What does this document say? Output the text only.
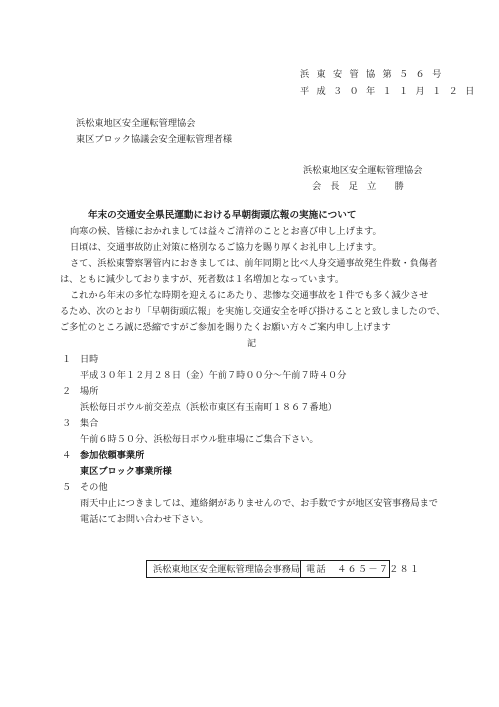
浜 東 安 管 協 第 ５ ６ 号
平 成 ３ ０ 年 １ １ 月 １ ２ 日
浜松東地区安全運転管理協会
東区ブロック協議会安全運転管理者様
浜松東地区安全運転管理協会
会　長　足　立　　勝
年末の交通安全県民運動における早朝街頭広報の実施について
向寒の候、皆様におかれましては益々ご清祥のこととお喜び申し上げます。
日頃は、交通事故防止対策に格別なるご協力を賜り厚くお礼申し上げます。
さて、浜松東警察署管内におきましては、前年同期と比べ人身交通事故発生件数・負傷者
は、ともに減少しておりますが、死者数は１名増加となっています。
これから年末の多忙な時期を迎えるにあたり、悲惨な交通事故を１件でも多く減少させ
るため、次のとおり「早朝街頭広報」を実施し交通安全を呼び掛けることと致しましたので、
ご多忙のところ誠に恐縮ですがご参加を賜りたくお願い方々ご案内申し上げます
記
１ 日時
平成３０年１２月２８日（金）午前７時００分～午前７時４０分
２ 場所
浜松毎日ボウル前交差点（浜松市東区有玉南町１８６７番地）
３ 集合
午前６時５０分、浜松毎日ボウル駐車場にご集合下さい。
４ 参加依頼事業所
東区ブロック事業所様
５ その他
雨天中止につきましては、連絡網がありませんので、お手数ですが地区安管事務局まで
電話にてお問い合わせ下さい。
浜松東地区安全運転管理協会事務局 電話　４６５－７２８１
